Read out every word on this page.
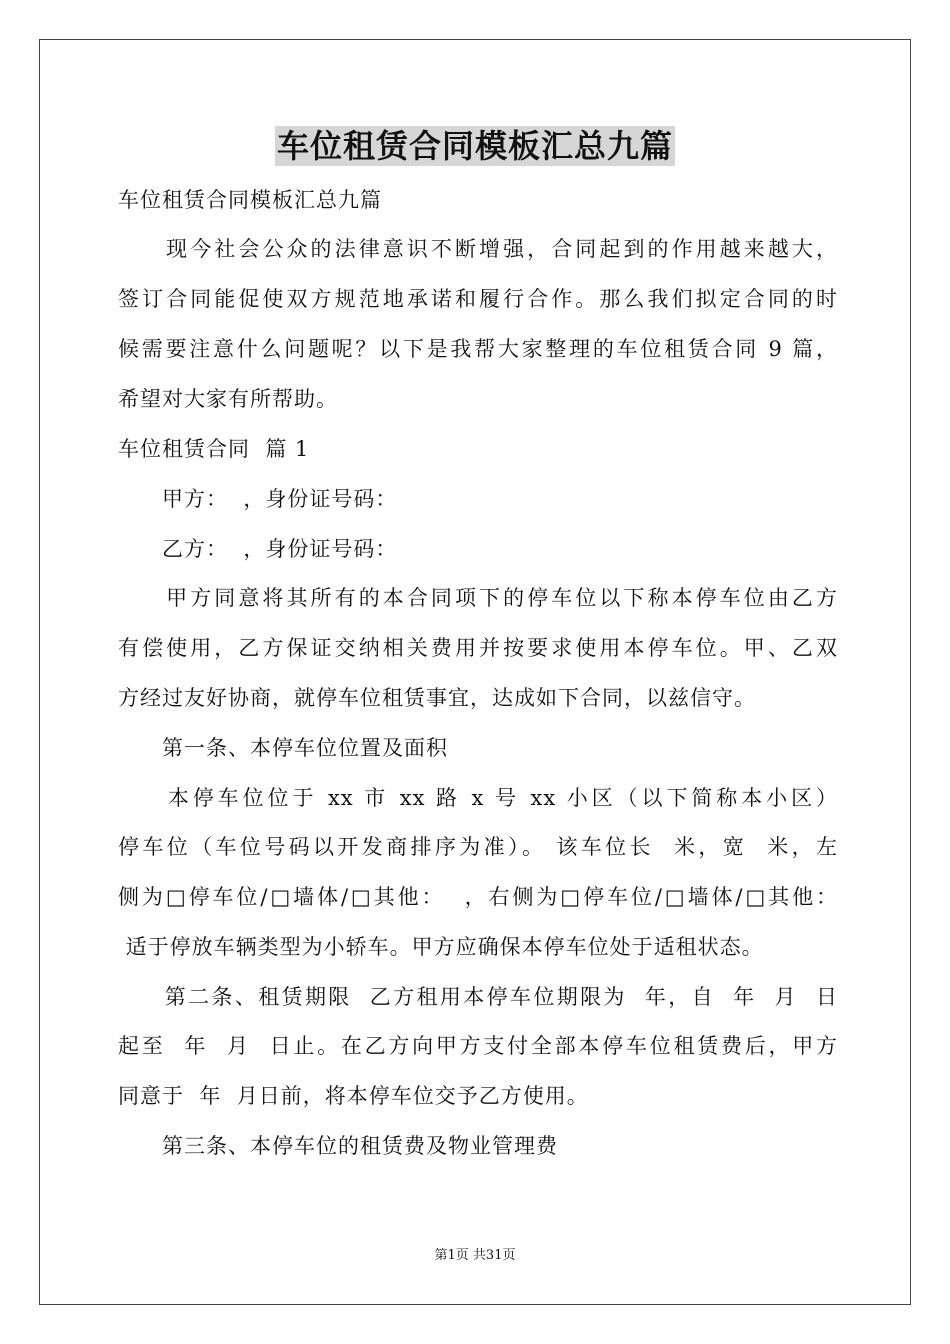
车位租赁合同模板汇总九篇
车位租赁合同模板汇总九篇
　　现今社会公众的法律意识不断增强，合同起到的作用越来越大，
签订合同能促使双方规范地承诺和履行合作。那么我们拟定合同的时
候需要注意什么问题呢？以下是我帮大家整理的车位租赁合同 9 篇，
希望对大家有所帮助。
车位租赁合同  篇 1
　　甲方：  ，身份证号码：
　　乙方：  ，身份证号码：
　　甲方同意将其所有的本合同项下的停车位以下称本停车位由乙方
有偿使用，乙方保证交纳相关费用并按要求使用本停车位。甲、乙双
方经过友好协商，就停车位租赁事宜，达成如下合同，以兹信守。
　　第一条、本停车位位置及面积
　　本停车位位于 xx 市 xx 路 x 号 xx 小区（以下简称本小区）
停车位（车位号码以开发商排序为准）。 该车位长  米，宽  米，左
侧为□停车位/□墙体/□其他：  ，右侧为□停车位/□墙体/□其他：
适于停放车辆类型为小轿车。甲方应确保本停车位处于适租状态。
　　第二条、租赁期限  乙方租用本停车位期限为  年，自  年  月  日
起至  年  月  日止。在乙方向甲方支付全部本停车位租赁费后，甲方
同意于  年  月日前，将本停车位交予乙方使用。
　　第三条、本停车位的租赁费及物业管理费
第1页 共31页
